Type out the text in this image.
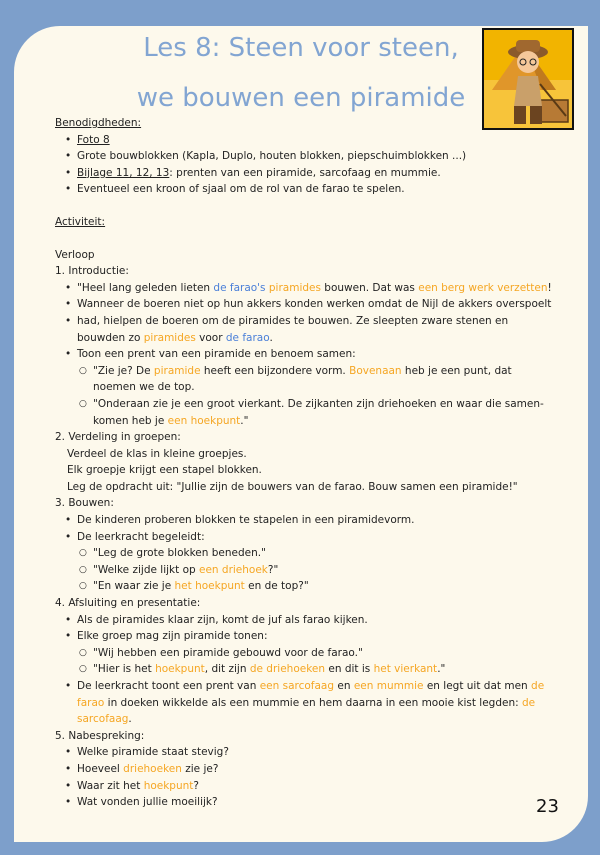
Les 8: Steen voor steen,
we bouwen een piramide
Benodigdheden:
• Foto 8
• Grote bouwblokken (Kapla, Duplo, houten blokken, piepschuimblokken ...)
• Bijlage 11, 12, 13: prenten van een piramide, sarcofaag en mummie.
• Eventueel een kroon of sjaal om de rol van de farao te spelen.
Activiteit:
Verloop
1. Introductie:
• "Heel lang geleden lieten de farao's piramides bouwen. Dat was een berg werk verzetten!
• Wanneer de boeren niet op hun akkers konden werken omdat de Nijl de akkers overspoelt
• had, hielpen de boeren om de piramides te bouwen. Ze sleepten zware stenen en
bouwden zo piramides voor de farao.
• Toon een prent van een piramide en benoem samen:
○ "Zie je? De piramide heeft een bijzondere vorm. Bovenaan heb je een punt, dat
noemen we de top.
○ "Onderaan zie je een groot vierkant. De zijkanten zijn driehoeken en waar die samen-
komen heb je een hoekpunt."
2. Verdeling in groepen:
Verdeel de klas in kleine groepjes.
Elk groepje krijgt een stapel blokken.
Leg de opdracht uit: "Jullie zijn de bouwers van de farao. Bouw samen een piramide!"
3. Bouwen:
• De kinderen proberen blokken te stapelen in een piramidevorm.
• De leerkracht begeleidt:
○ "Leg de grote blokken beneden."
○ "Welke zijde lijkt op een driehoek?"
○ "En waar zie je het hoekpunt en de top?"
4. Afsluiting en presentatie:
• Als de piramides klaar zijn, komt de juf als farao kijken.
• Elke groep mag zijn piramide tonen:
○ "Wij hebben een piramide gebouwd voor de farao."
○ "Hier is het hoekpunt, dit zijn de driehoeken en dit is het vierkant."
• De leerkracht toont een prent van een sarcofaag en een mummie en legt uit dat men de
farao in doeken wikkelde als een mummie en hem daarna in een mooie kist legden: de
sarcofaag.
5. Nabespreking:
• Welke piramide staat stevig?
• Hoeveel driehoeken zie je?
• Waar zit het hoekpunt?
• Wat vonden jullie moeilijk?	23
